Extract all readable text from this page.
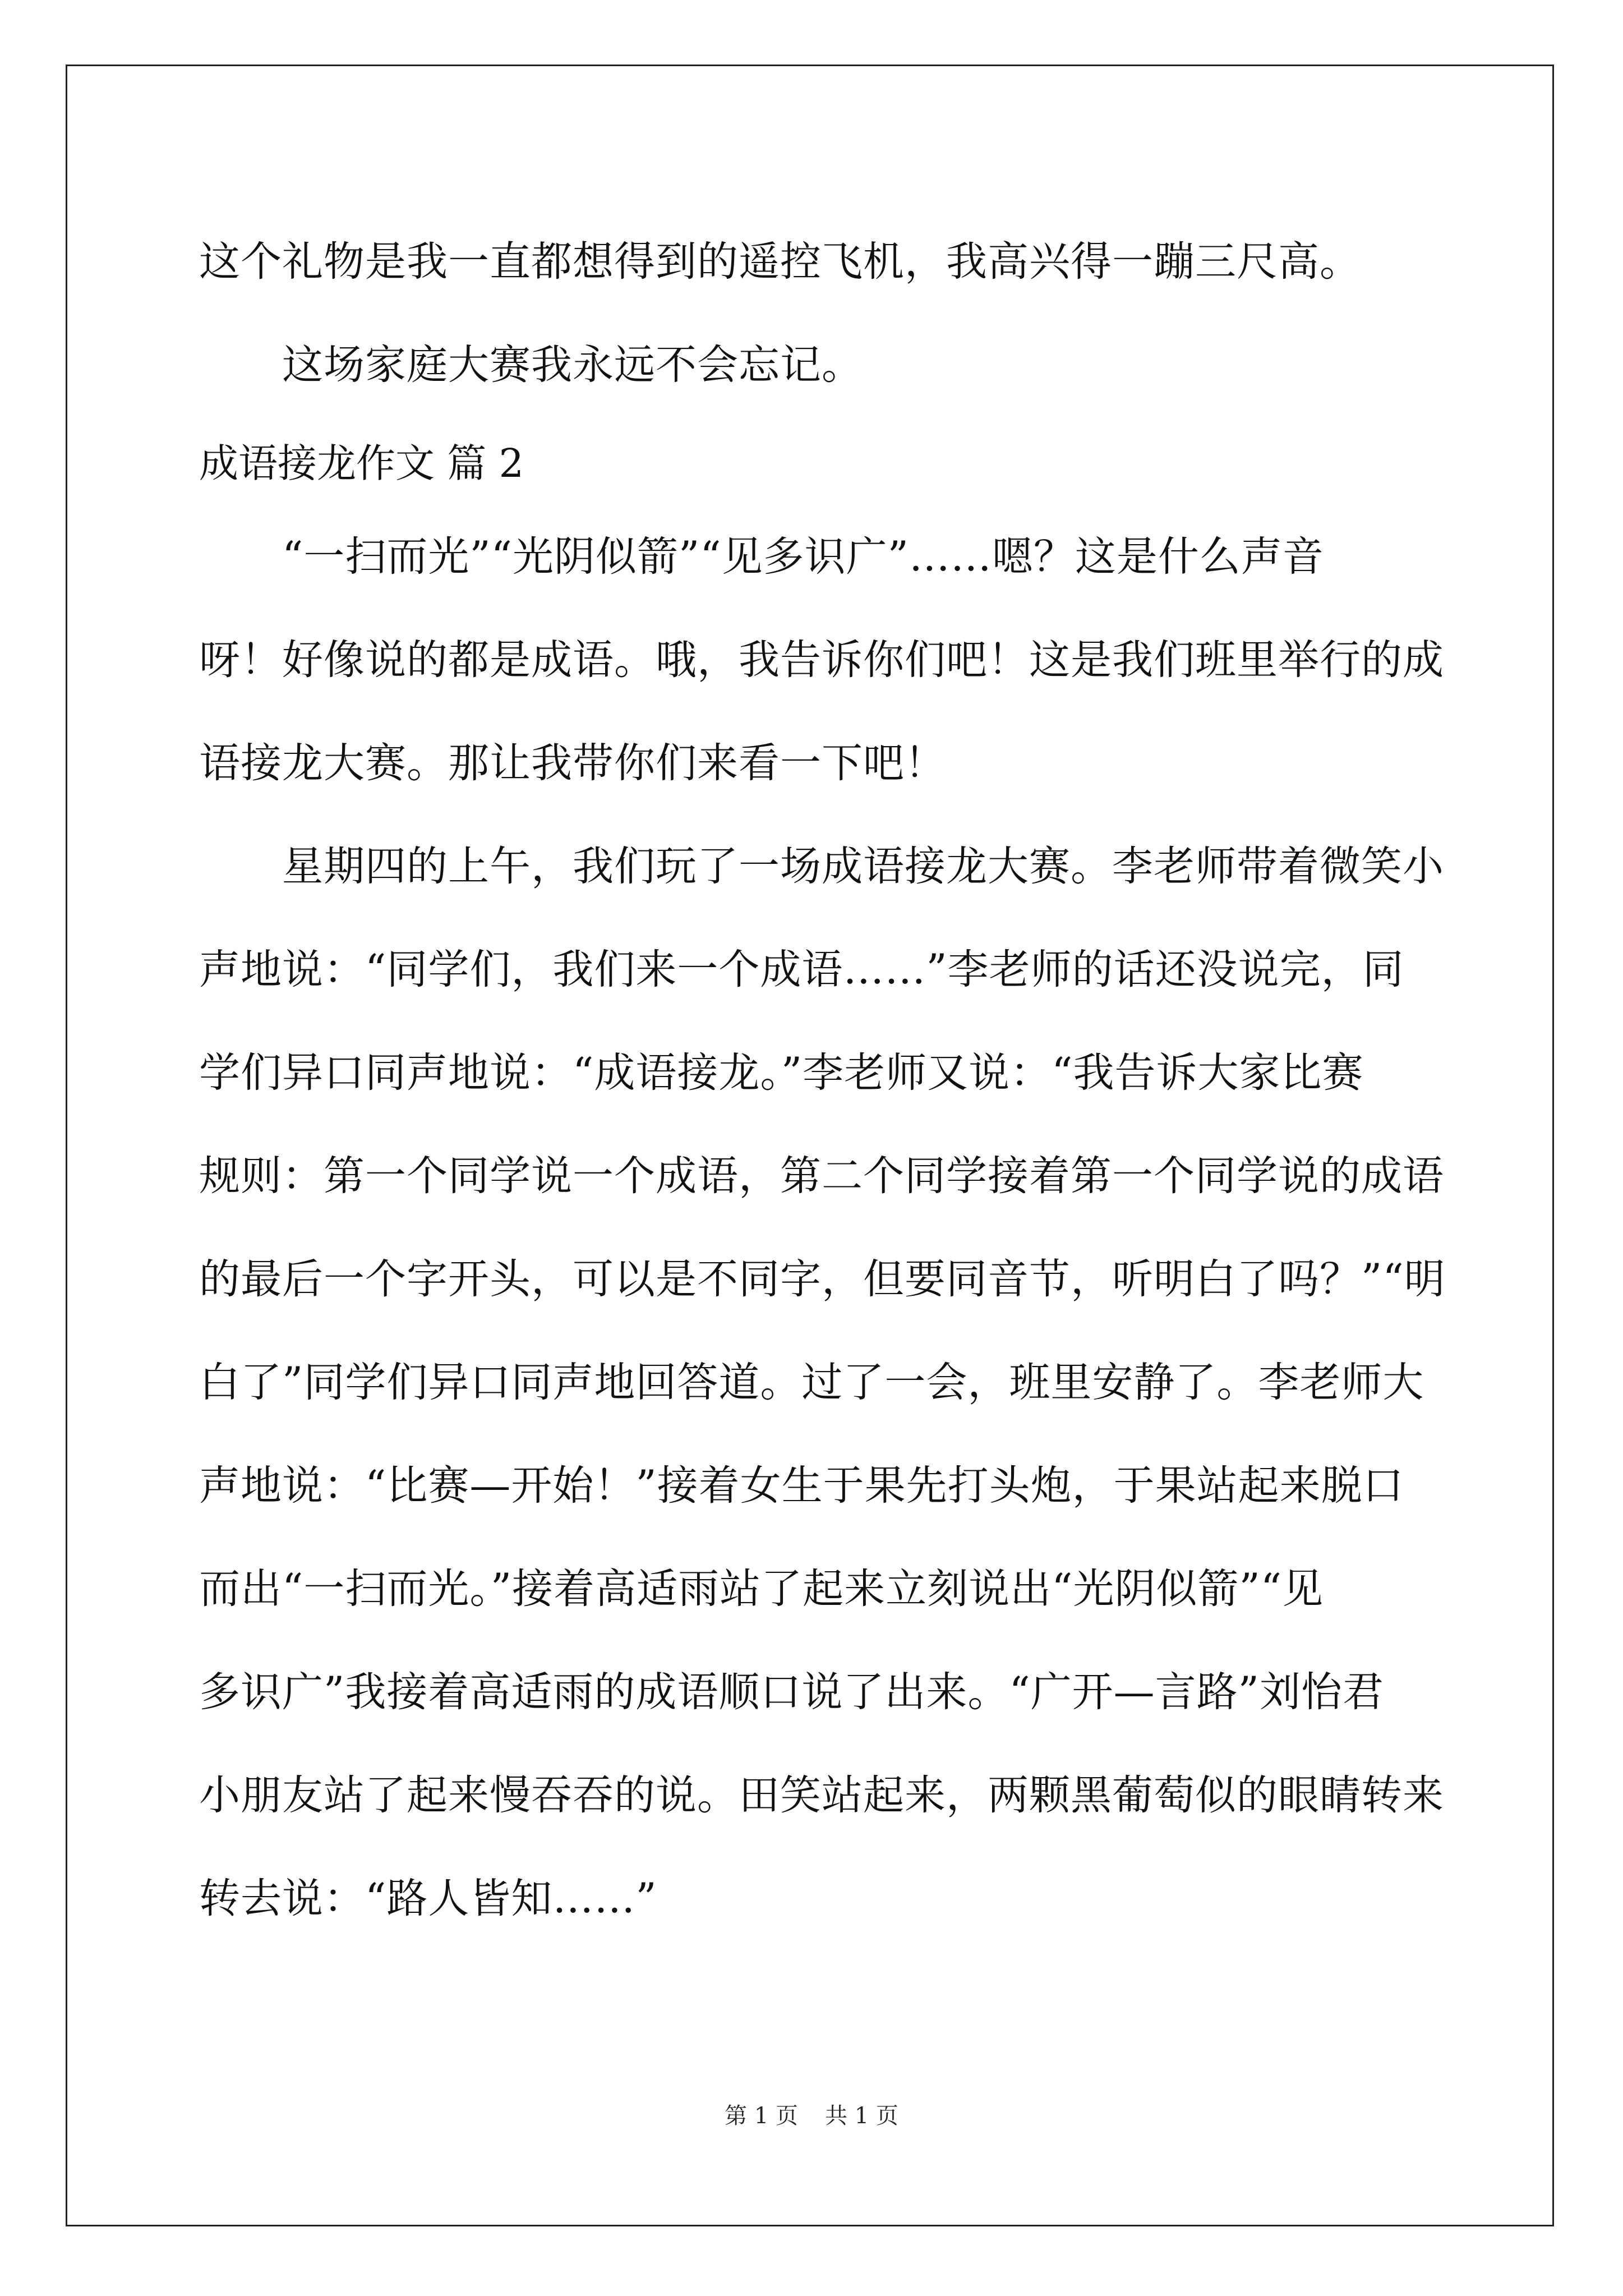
这个礼物是我一直都想得到的遥控飞机，我高兴得一蹦三尺高。
这场家庭大赛我永远不会忘记。
成语接龙作文 篇 2
“一扫而光”“光阴似箭”“见多识广”……嗯？这是什么声音
呀！好像说的都是成语。哦，我告诉你们吧！这是我们班里举行的成
语接龙大赛。那让我带你们来看一下吧！
星期四的上午，我们玩了一场成语接龙大赛。李老师带着微笑小
声地说：“同学们，我们来一个成语……”李老师的话还没说完，同
学们异口同声地说：“成语接龙。”李老师又说：“我告诉大家比赛
规则：第一个同学说一个成语，第二个同学接着第一个同学说的成语
的最后一个字开头，可以是不同字，但要同音节，听明白了吗？”“明
白了”同学们异口同声地回答道。过了一会，班里安静了。李老师大
声地说：“比赛—开始！”接着女生于果先打头炮，于果站起来脱口
而出“一扫而光。”接着高适雨站了起来立刻说出“光阴似箭”“见
多识广”我接着高适雨的成语顺口说了出来。“广开—言路”刘怡君
小朋友站了起来慢吞吞的说。田笑站起来，两颗黑葡萄似的眼睛转来
转去说：“路人皆知……”
第 1 页 共 1 页
